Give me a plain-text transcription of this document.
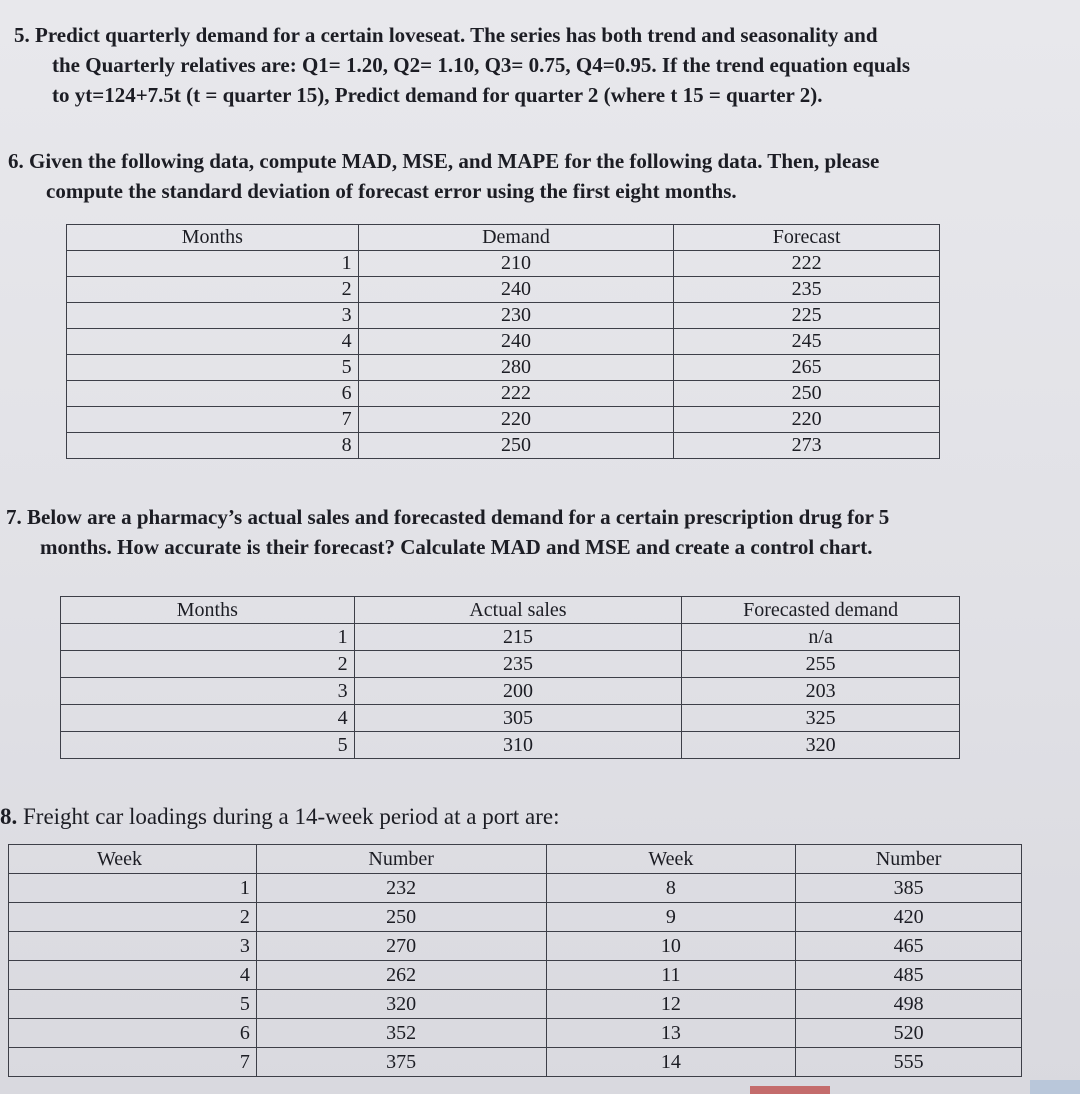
5. Predict quarterly demand for a certain loveseat. The series has both trend and seasonality and
the Quarterly relatives are: Q1= 1.20, Q2= 1.10, Q3= 0.75, Q4=0.95. If the trend equation equals
to yt=124+7.5t (t = quarter 15), Predict demand for quarter 2 (where t 15 = quarter 2).
6. Given the following data, compute MAD, MSE, and MAPE for the following data. Then, please
compute the standard deviation of forecast error using the first eight months.
Months	Demand	Forecast
1	210	222
2	240	235
3	230	225
4	240	245
5	280	265
6	222	250
7	220	220
8	250	273
7. Below are a pharmacy’s actual sales and forecasted demand for a certain prescription drug for 5
months. How accurate is their forecast? Calculate MAD and MSE and create a control chart.
Months	Actual sales	Forecasted demand
1	215	n/a
2	235	255
3	200	203
4	305	325
5	310	320
8. Freight car loadings during a 14-week period at a port are:
Week	Number	Week	Number
1	232	8	385
2	250	9	420
3	270	10	465
4	262	11	485
5	320	12	498
6	352	13	520
7	375	14	555
